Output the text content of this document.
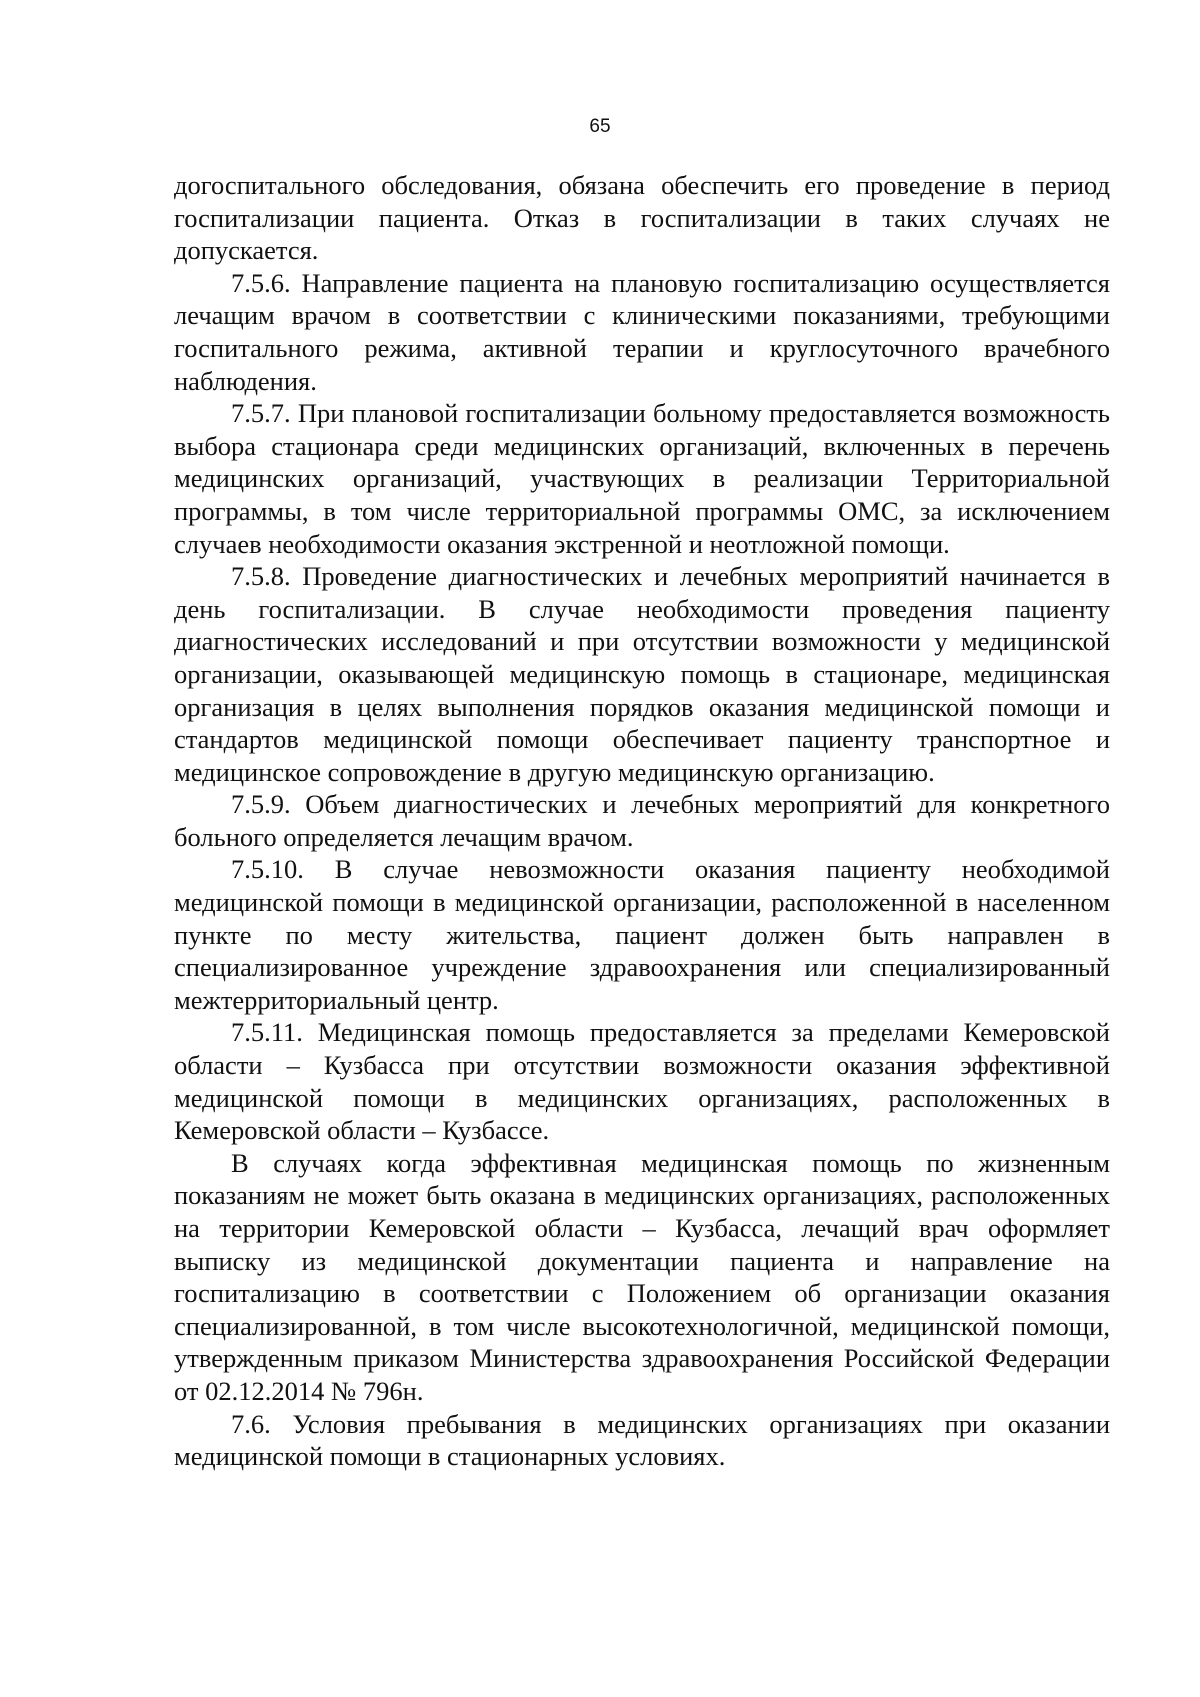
65

догоспитального обследования, обязана обеспечить его проведение в период госпитализации пациента. Отказ в госпитализации в таких случаях не допускается.

7.5.6. Направление пациента на плановую госпитализацию осуществляется лечащим врачом в соответствии с клиническими показаниями, требующими госпитального режима, активной терапии и круглосуточного врачебного наблюдения.

7.5.7. При плановой госпитализации больному предоставляется возможность выбора стационара среди медицинских организаций, включенных в перечень медицинских организаций, участвующих в реализации Территориальной программы, в том числе территориальной программы ОМС, за исключением случаев необходимости оказания экстренной и неотложной помощи.

7.5.8. Проведение диагностических и лечебных мероприятий начинается в день госпитализации. В случае необходимости проведения пациенту диагностических исследований и при отсутствии возможности у медицинской организации, оказывающей медицинскую помощь в стационаре, медицинская организация в целях выполнения порядков оказания медицинской помощи и стандартов медицинской помощи обеспечивает пациенту транспортное и медицинское сопровождение в другую медицинскую организацию.

7.5.9. Объем диагностических и лечебных мероприятий для конкретного больного определяется лечащим врачом.

7.5.10. В случае невозможности оказания пациенту необходимой медицинской помощи в медицинской организации, расположенной в населенном пункте по месту жительства, пациент должен быть направлен в специализированное учреждение здравоохранения или специализированный межтерриториальный центр.

7.5.11. Медицинская помощь предоставляется за пределами Кемеровской области – Кузбасса при отсутствии возможности оказания эффективной медицинской помощи в медицинских организациях, расположенных в Кемеровской области – Кузбассе.

В случаях когда эффективная медицинская помощь по жизненным показаниям не может быть оказана в медицинских организациях, расположенных на территории Кемеровской области – Кузбасса, лечащий врач оформляет выписку из медицинской документации пациента и направление на госпитализацию в соответствии с Положением об организации оказания специализированной, в том числе высокотехнологичной, медицинской помощи, утвержденным приказом Министерства здравоохранения Российской Федерации от 02.12.2014 № 796н.

7.6. Условия пребывания в медицинских организациях при оказании медицинской помощи в стационарных условиях.
